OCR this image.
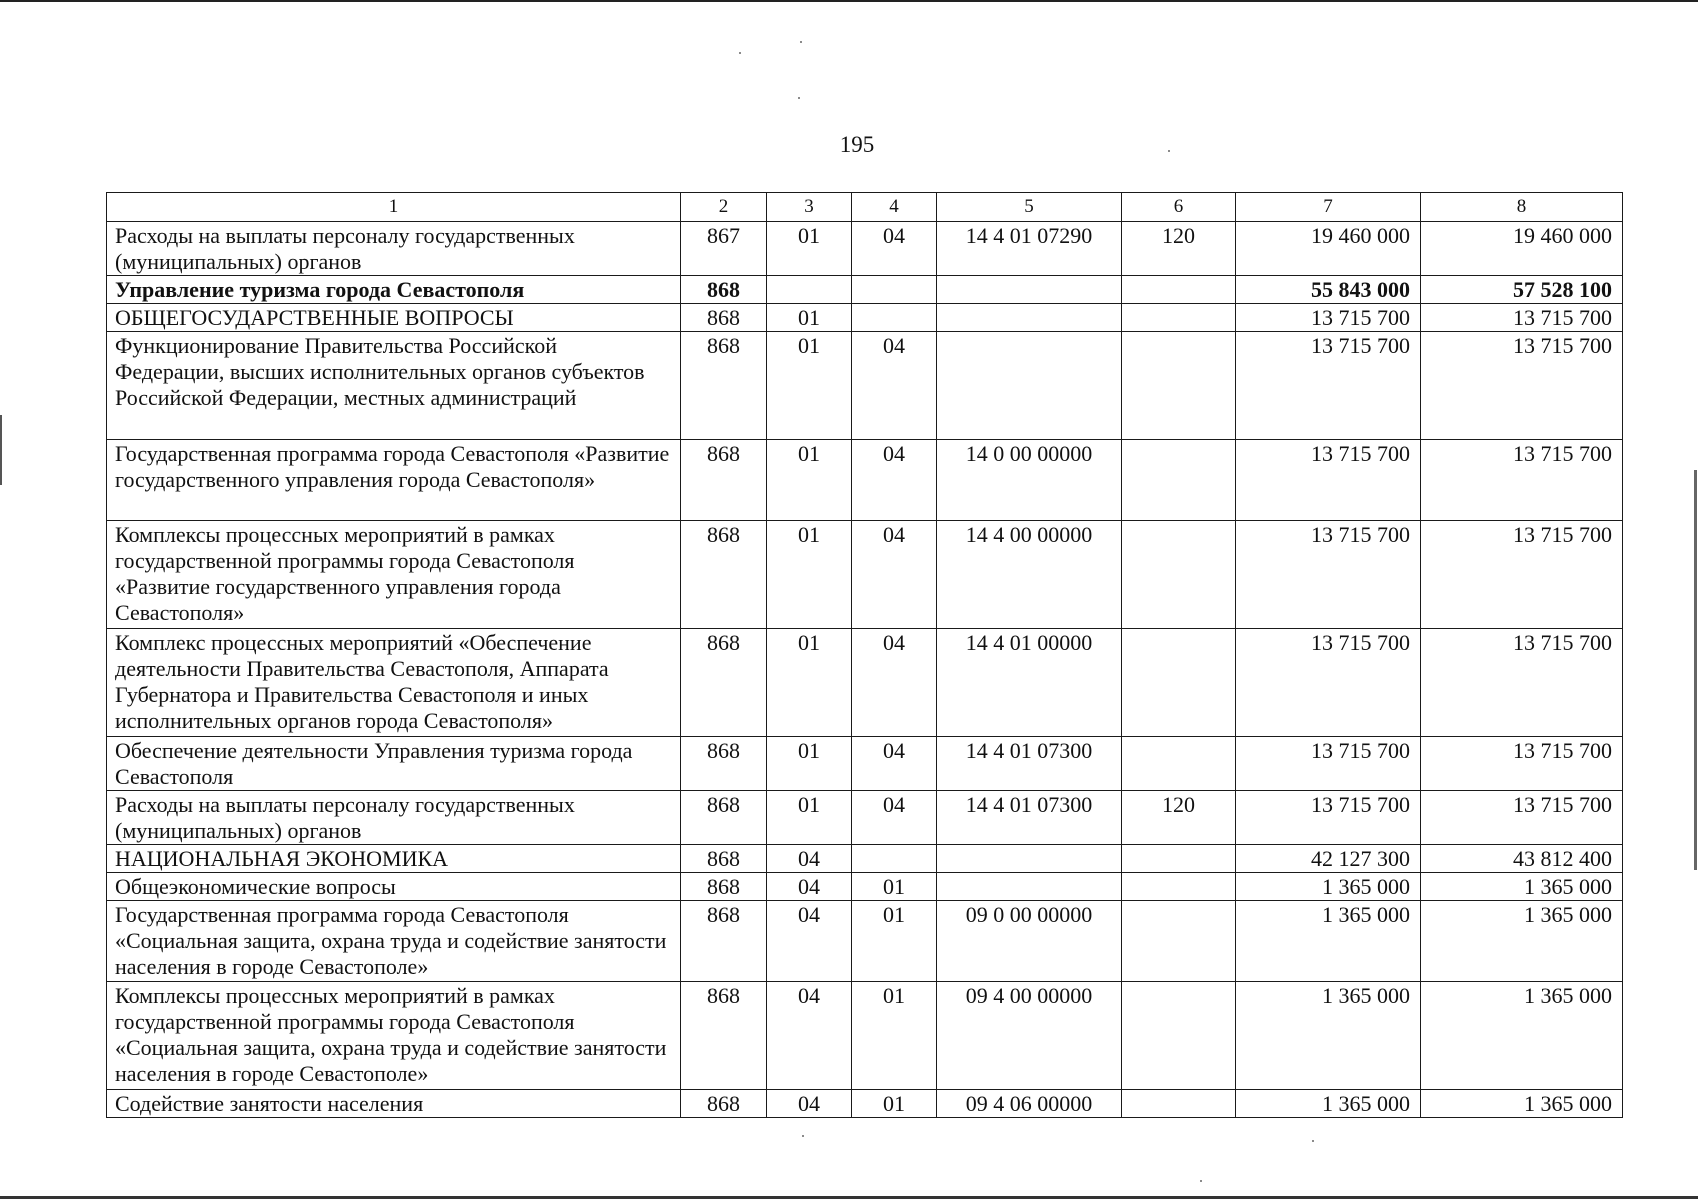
195
1	2	3	4	5	6	7	8
Расходы на выплаты персоналу государственных (муниципальных) органов	867	01	04	14 4 01 07290	120	19 460 000	19 460 000
Управление туризма города Севастополя	868					55 843 000	57 528 100
ОБЩЕГОСУДАРСТВЕННЫЕ ВОПРОСЫ	868	01				13 715 700	13 715 700
Функционирование Правительства Российской Федерации, высших исполнительных органов субъектов Российской Федерации, местных администраций	868	01	04			13 715 700	13 715 700
Государственная программа города Севастополя «Развитие государственного управления города Севастополя»	868	01	04	14 0 00 00000		13 715 700	13 715 700
Комплексы процессных мероприятий в рамках государственной программы города Севастополя «Развитие государственного управления города Севастополя»	868	01	04	14 4 00 00000		13 715 700	13 715 700
Комплекс процессных мероприятий «Обеспечение деятельности Правительства Севастополя, Аппарата Губернатора и Правительства Севастополя и иных исполнительных органов города Севастополя»	868	01	04	14 4 01 00000		13 715 700	13 715 700
Обеспечение деятельности Управления туризма города Севастополя	868	01	04	14 4 01 07300		13 715 700	13 715 700
Расходы на выплаты персоналу государственных (муниципальных) органов	868	01	04	14 4 01 07300	120	13 715 700	13 715 700
НАЦИОНАЛЬНАЯ ЭКОНОМИКА	868	04				42 127 300	43 812 400
Общеэкономические вопросы	868	04	01			1 365 000	1 365 000
Государственная программа города Севастополя «Социальная защита, охрана труда и содействие занятости населения в городе Севастополе»	868	04	01	09 0 00 00000		1 365 000	1 365 000
Комплексы процессных мероприятий в рамках государственной программы города Севастополя «Социальная защита, охрана труда и содействие занятости населения в городе Севастополе»	868	04	01	09 4 00 00000		1 365 000	1 365 000
Содействие занятости населения	868	04	01	09 4 06 00000		1 365 000	1 365 000
